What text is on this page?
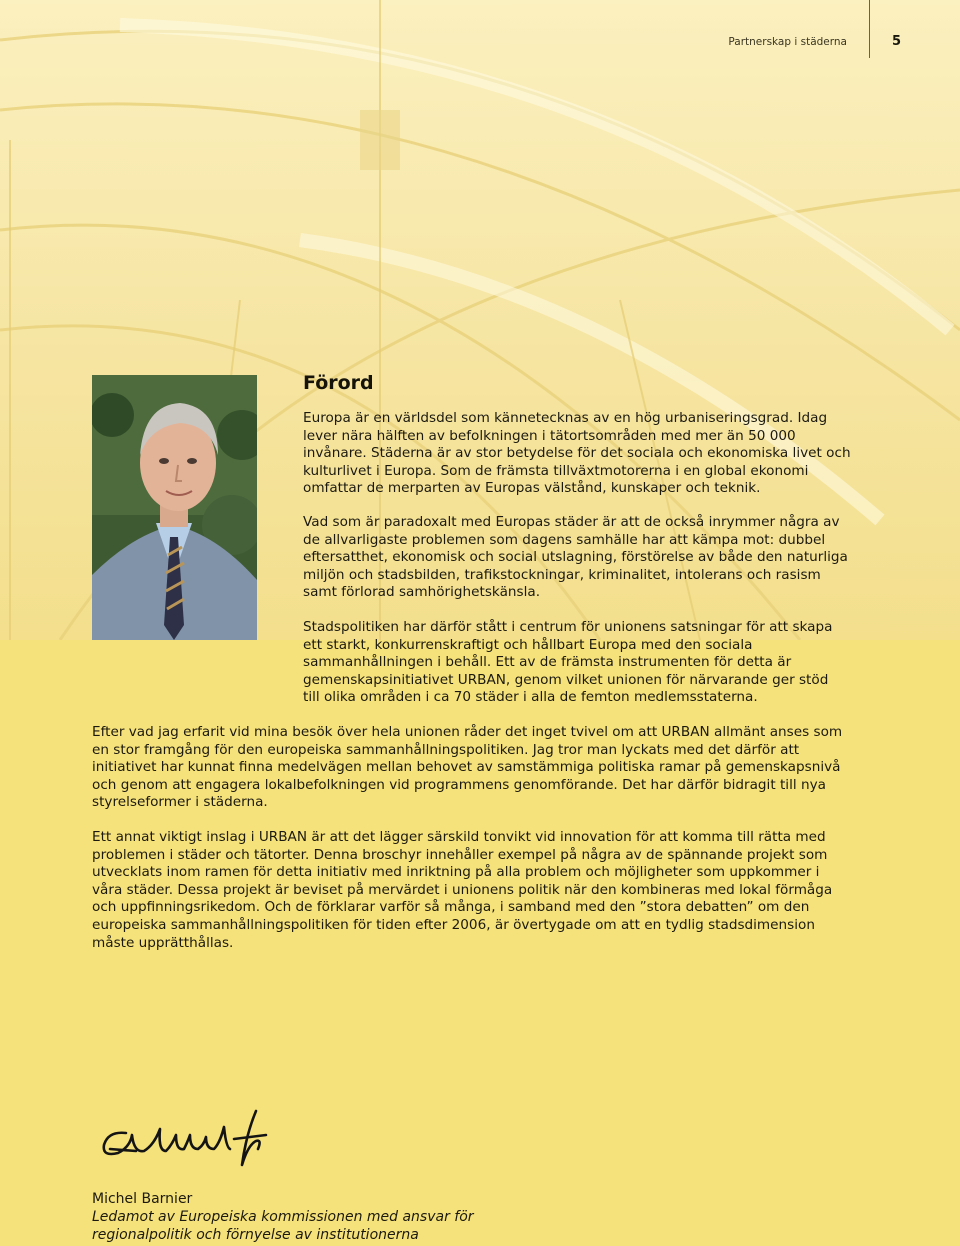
Partnerskap i städerna	5
Förord

Europa är en världsdel som kännetecknas av en hög urbaniseringsgrad. Idag
lever nära hälften av befolkningen i tätortsområden med mer än 50 000
invånare. Städerna är av stor betydelse för det sociala och ekonomiska livet och
kulturlivet i Europa. Som de främsta tillväxtmotorerna i en global ekonomi
omfattar de merparten av Europas välstånd, kunskaper och teknik.

Vad som är paradoxalt med Europas städer är att de också inrymmer några av
de allvarligaste problemen som dagens samhälle har att kämpa mot: dubbel
eftersatthet, ekonomisk och social utslagning, förstörelse av både den naturliga
miljön och stadsbilden, trafikstockningar, kriminalitet, intolerans och rasism
samt förlorad samhörighetskänsla.

Stadspolitiken har därför stått i centrum för unionens satsningar för att skapa
ett starkt, konkurrenskraftigt och hållbart Europa med den sociala
sammanhållningen i behåll. Ett av de främsta instrumenten för detta är
gemenskapsinitiativet URBAN, genom vilket unionen för närvarande ger stöd
till olika områden i ca 70 städer i alla de femton medlemsstaterna.

Efter vad jag erfarit vid mina besök över hela unionen råder det inget tvivel om att URBAN allmänt anses som
en stor framgång för den europeiska sammanhållningspolitiken. Jag tror man lyckats med det därför att
initiativet har kunnat finna medelvägen mellan behovet av samstämmiga politiska ramar på gemenskapsnivå
och genom att engagera lokalbefolkningen vid programmens genomförande. Det har därför bidragit till nya
styrelseformer i städerna.

Ett annat viktigt inslag i URBAN är att det lägger särskild tonvikt vid innovation för att komma till rätta med
problemen i städer och tätorter. Denna broschyr innehåller exempel på några av de spännande projekt som
utvecklats inom ramen för detta initiativ med inriktning på alla problem och möjligheter som uppkommer i
våra städer. Dessa projekt är beviset på mervärdet i unionens politik när den kombineras med lokal förmåga
och uppfinningsrikedom. Och de förklarar varför så många, i samband med den ”stora debatten” om den
europeiska sammanhållningspolitiken för tiden efter 2006, är övertygade om att en tydlig stadsdimension
måste upprätthållas.

Michel Barnier

Ledamot av Europeiska kommissionen med ansvar för
regionalpolitik och förnyelse av institutionerna
